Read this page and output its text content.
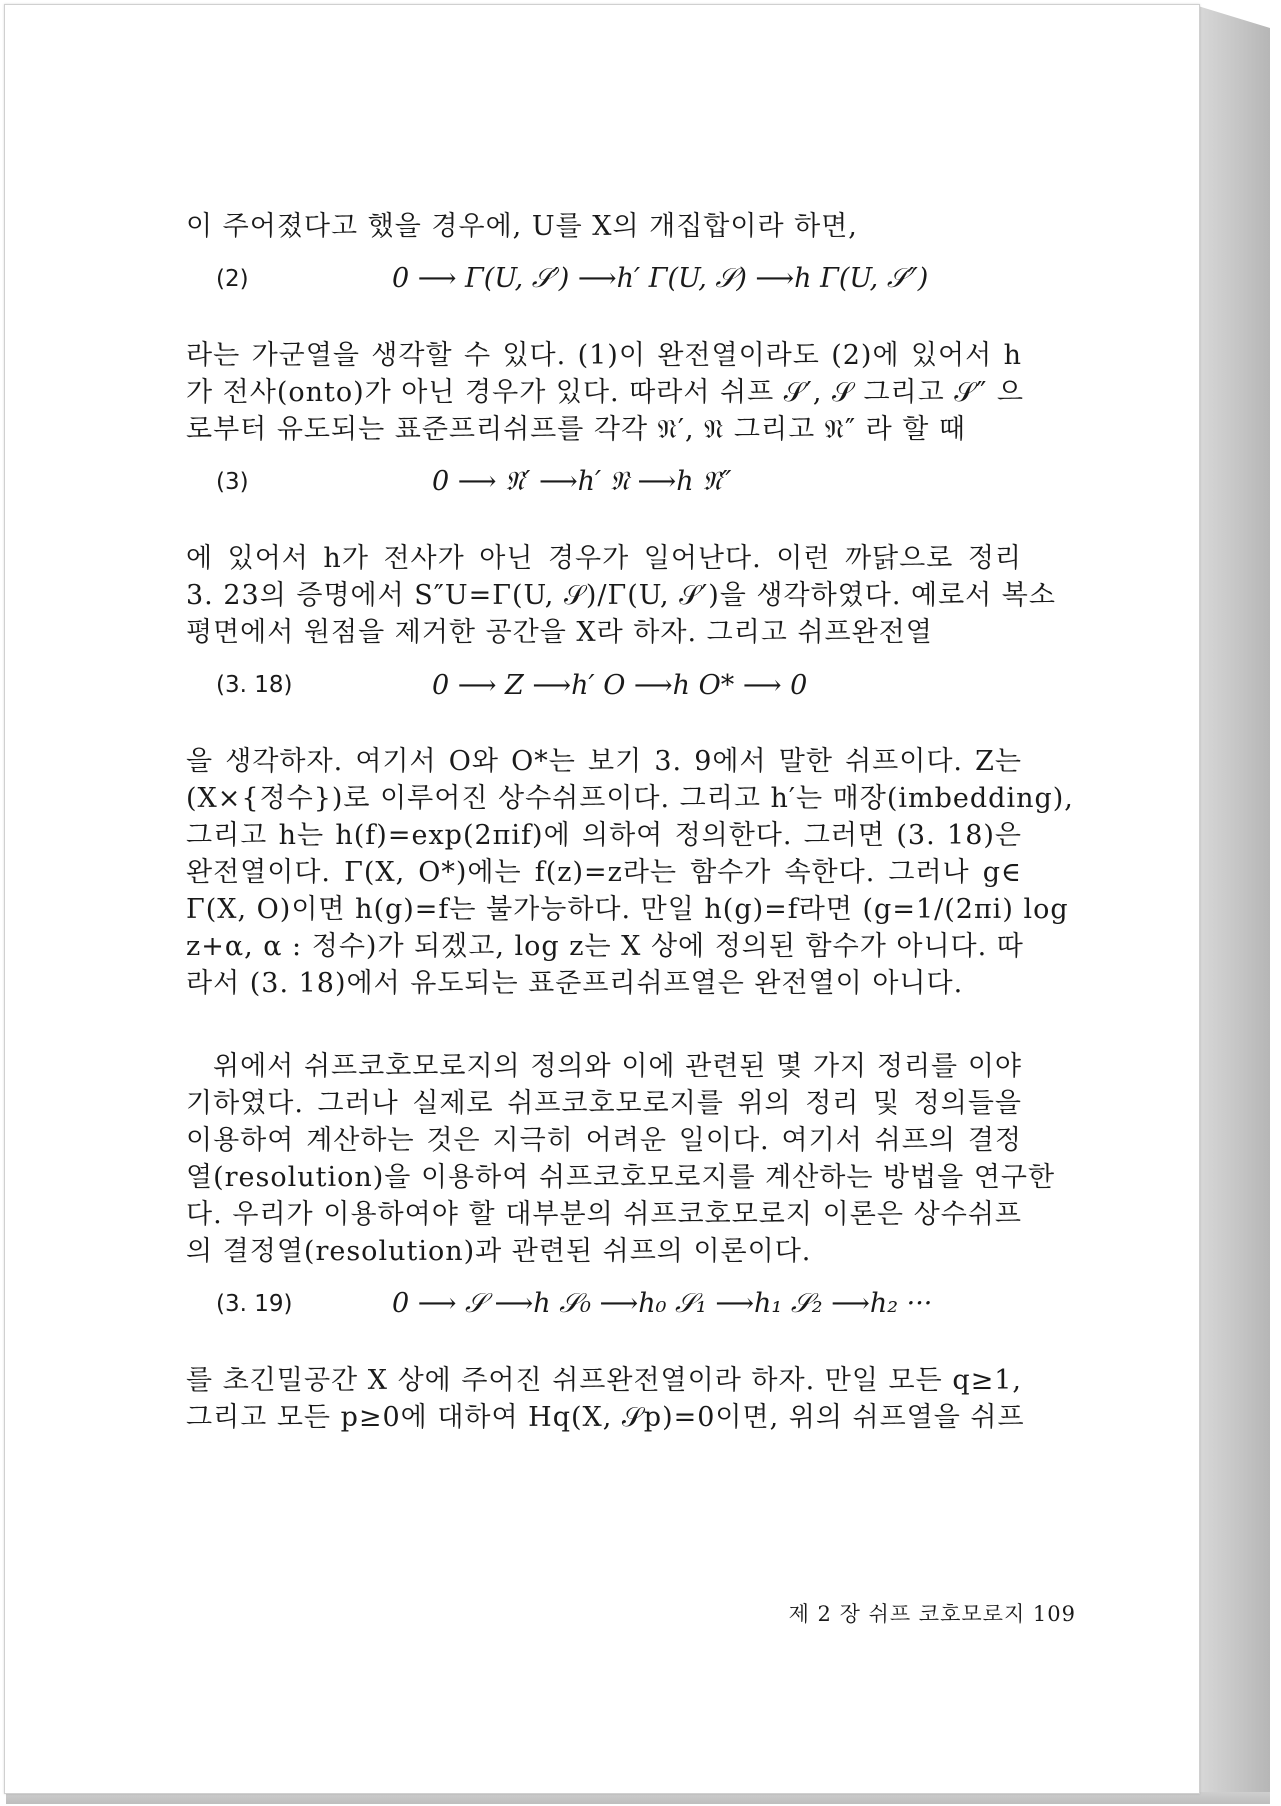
이 주어졌다고 했을 경우에, U를 X의 개집합이라 하면,

(2)	0 ⟶ Γ(U, 𝒮′) ⟶h′ Γ(U, 𝒮) ⟶h Γ(U, 𝒮″)

라는 가군열을 생각할 수 있다. (1)이 완전열이라도 (2)에 있어서 h

가 전사(onto)가 아닌 경우가 있다. 따라서 쉬프 𝒮′, 𝒮 그리고 𝒮″ 으

로부터 유도되는 표준프리쉬프를 각각 𝔑′, 𝔑 그리고 𝔑″ 라 할 때

(3)	0 ⟶ 𝔑′ ⟶h′ 𝔑 ⟶h 𝔑″

에 있어서 h가 전사가 아닌 경우가 일어난다. 이런 까닭으로 정리

3. 23의 증명에서 S″U=Γ(U, 𝒮)/Γ(U, 𝒮′)을 생각하였다. 예로서 복소

평면에서 원점을 제거한 공간을 X라 하자. 그리고 쉬프완전열

(3. 18)	0 ⟶ Z ⟶h′ O ⟶h O* ⟶ 0

을 생각하자. 여기서 O와 O*는 보기 3. 9에서 말한 쉬프이다. Z는

(X×{정수})로 이루어진 상수쉬프이다. 그리고 h′는 매장(imbedding),

그리고 h는 h(f)=exp(2πif)에 의하여 정의한다. 그러면 (3. 18)은

완전열이다. Γ(X, O*)에는 f(z)=z라는 함수가 속한다. 그러나 g∈

Γ(X, O)이면 h(g)=f는 불가능하다. 만일 h(g)=f라면 (g=1/(2πi) log

z+α, α : 정수)가 되겠고, log z는 X 상에 정의된 함수가 아니다. 따

라서 (3. 18)에서 유도되는 표준프리쉬프열은 완전열이 아니다.

위에서 쉬프코호모로지의 정의와 이에 관련된 몇 가지 정리를 이야

기하였다. 그러나 실제로 쉬프코호모로지를 위의 정리 및 정의들을

이용하여 계산하는 것은 지극히 어려운 일이다. 여기서 쉬프의 결정

열(resolution)을 이용하여 쉬프코호모로지를 계산하는 방법을 연구한

다. 우리가 이용하여야 할 대부분의 쉬프코호모로지 이론은 상수쉬프

의 결정열(resolution)과 관련된 쉬프의 이론이다.

(3. 19)	0 ⟶ 𝒮 ⟶h 𝒮₀ ⟶h₀ 𝒮₁ ⟶h₁ 𝒮₂ ⟶h₂ ···

를 초긴밀공간 X 상에 주어진 쉬프완전열이라 하자. 만일 모든 q≥1,

그리고 모든 p≥0에 대하여 Hq(X, 𝒮p)=0이면, 위의 쉬프열을 쉬프

제 2 장 쉬프 코호모로지 109
